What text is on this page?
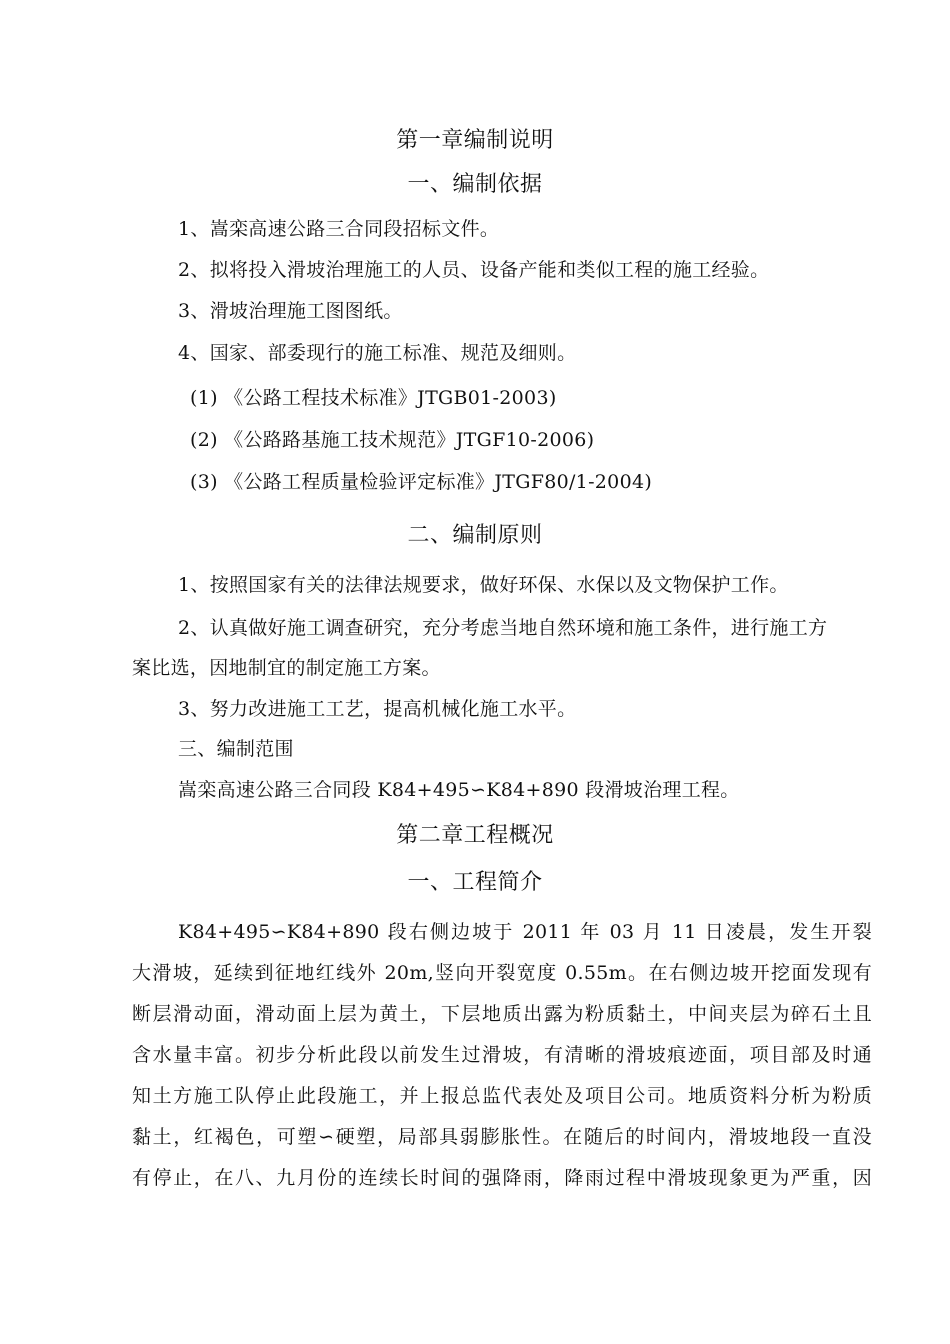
第一章编制说明
一、编制依据
1、嵩栾高速公路三合同段招标文件。
2、拟将投入滑坡治理施工的人员、设备产能和类似工程的施工经验。
3、滑坡治理施工图图纸。
4、国家、部委现行的施工标准、规范及细则。
(1) 《公路工程技术标准》JTGB01-2003)
(2) 《公路路基施工技术规范》JTGF10-2006)
(3) 《公路工程质量检验评定标准》JTGF80/1-2004)
二、编制原则
1、按照国家有关的法律法规要求，做好环保、水保以及文物保护工作。
2、认真做好施工调查研究，充分考虑当地自然环境和施工条件，进行施工方
案比选，因地制宜的制定施工方案。
3、努力改进施工工艺，提高机械化施工水平。
三、编制范围
嵩栾高速公路三合同段 K84+495∽K84+890 段滑坡治理工程。
第二章工程概况
一、工程简介
K84+495∽K84+890 段右侧边坡于 2011 年 03 月 11 日凌晨，发生开裂
大滑坡，延续到征地红线外 20m,竖向开裂宽度 0.55m。在右侧边坡开挖面发现有
断层滑动面，滑动面上层为黄土，下层地质出露为粉质黏土，中间夹层为碎石土且
含水量丰富。初步分析此段以前发生过滑坡，有清晰的滑坡痕迹面，项目部及时通
知土方施工队停止此段施工，并上报总监代表处及项目公司。地质资料分析为粉质
黏土，红褐色，可塑∽硬塑，局部具弱膨胀性。在随后的时间内，滑坡地段一直没
有停止，在八、九月份的连续长时间的强降雨，降雨过程中滑坡现象更为严重，因
